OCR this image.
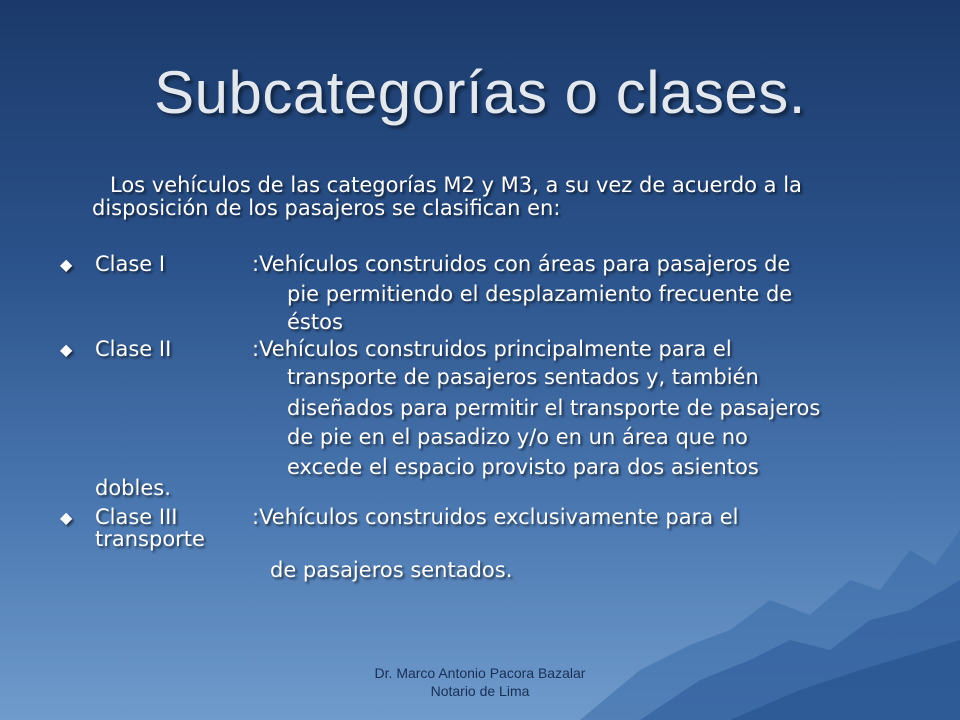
Subcategorías o clases.
Los vehículos de las categorías M2 y M3, a su vez de acuerdo a la
disposición de los pasajeros se clasifican en:
◆ Clase I	:Vehículos construidos con áreas para pasajeros de
pie permitiendo el desplazamiento frecuente de
éstos
◆ Clase II	:Vehículos construidos principalmente para el
transporte de pasajeros sentados y, también
diseñados para permitir el transporte de pasajeros
de pie en el pasadizo y/o en un área que no
excede el espacio provisto para dos asientos
dobles.
◆ Clase III	:Vehículos construidos exclusivamente para el
transporte
de pasajeros sentados.
Dr. Marco Antonio Pacora Bazalar
Notario de Lima
